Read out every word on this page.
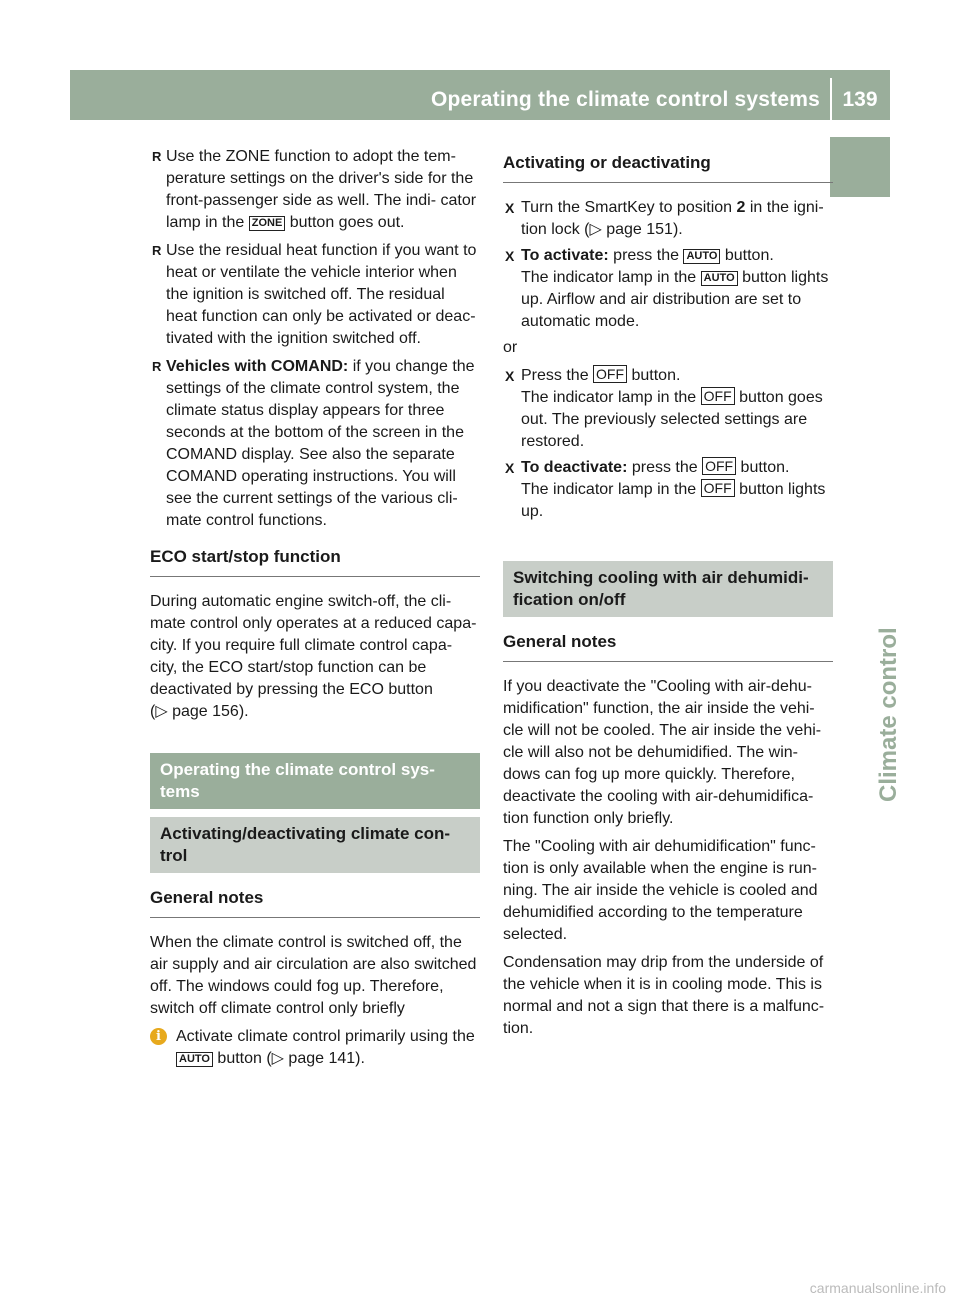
Operating the climate control systems 139
Climate control
R Use the ZONE function to adopt the tem- perature settings on the driver's side for the front-passenger side as well. The indi- cator lamp in the ZONE button goes out.
R Use the residual heat function if you want to heat or ventilate the vehicle interior when the ignition is switched off. The residual heat function can only be activated or deac- tivated with the ignition switched off.
R Vehicles with COMAND: if you change the settings of the climate control system, the climate status display appears for three seconds at the bottom of the screen in the COMAND display. See also the separate COMAND operating instructions. You will see the current settings of the various cli- mate control functions.
ECO start/stop function

During automatic engine switch-off, the cli- mate control only operates at a reduced capa- city. If you require full climate control capa- city, the ECO start/stop function can be deactivated by pressing the ECO button
(▷ page 156).

Operating the climate control sys- tems
Activating/deactivating climate con- trol
General notes

When the climate control is switched off, the air supply and air circulation are also switched off. The windows could fog up. Therefore, switch off climate control only briefly

i Activate climate control primarily using the AUTO button (▷ page 141).
Activating or deactivating
X Turn the SmartKey to position 2 in the igni- tion lock (▷ page 151).
X To activate: press the AUTO button.
The indicator lamp in the AUTO button lights up. Airflow and air distribution are set to automatic mode.

or

X Press the OFF button.
The indicator lamp in the OFF button goes out. The previously selected settings are restored.
X To deactivate: press the OFF button.
The indicator lamp in the OFF button lights up.
Switching cooling with air dehumidi- fication on/off
General notes

If you deactivate the "Cooling with air-dehu- midification" function, the air inside the vehi- cle will not be cooled. The air inside the vehi- cle will also not be dehumidified. The win- dows can fog up more quickly. Therefore, deactivate the cooling with air-dehumidifica- tion function only briefly.

The "Cooling with air dehumidification" func- tion is only available when the engine is run- ning. The air inside the vehicle is cooled and dehumidified according to the temperature selected.

Condensation may drip from the underside of the vehicle when it is in cooling mode. This is normal and not a sign that there is a malfunc- tion.

carmanualsonline.info
